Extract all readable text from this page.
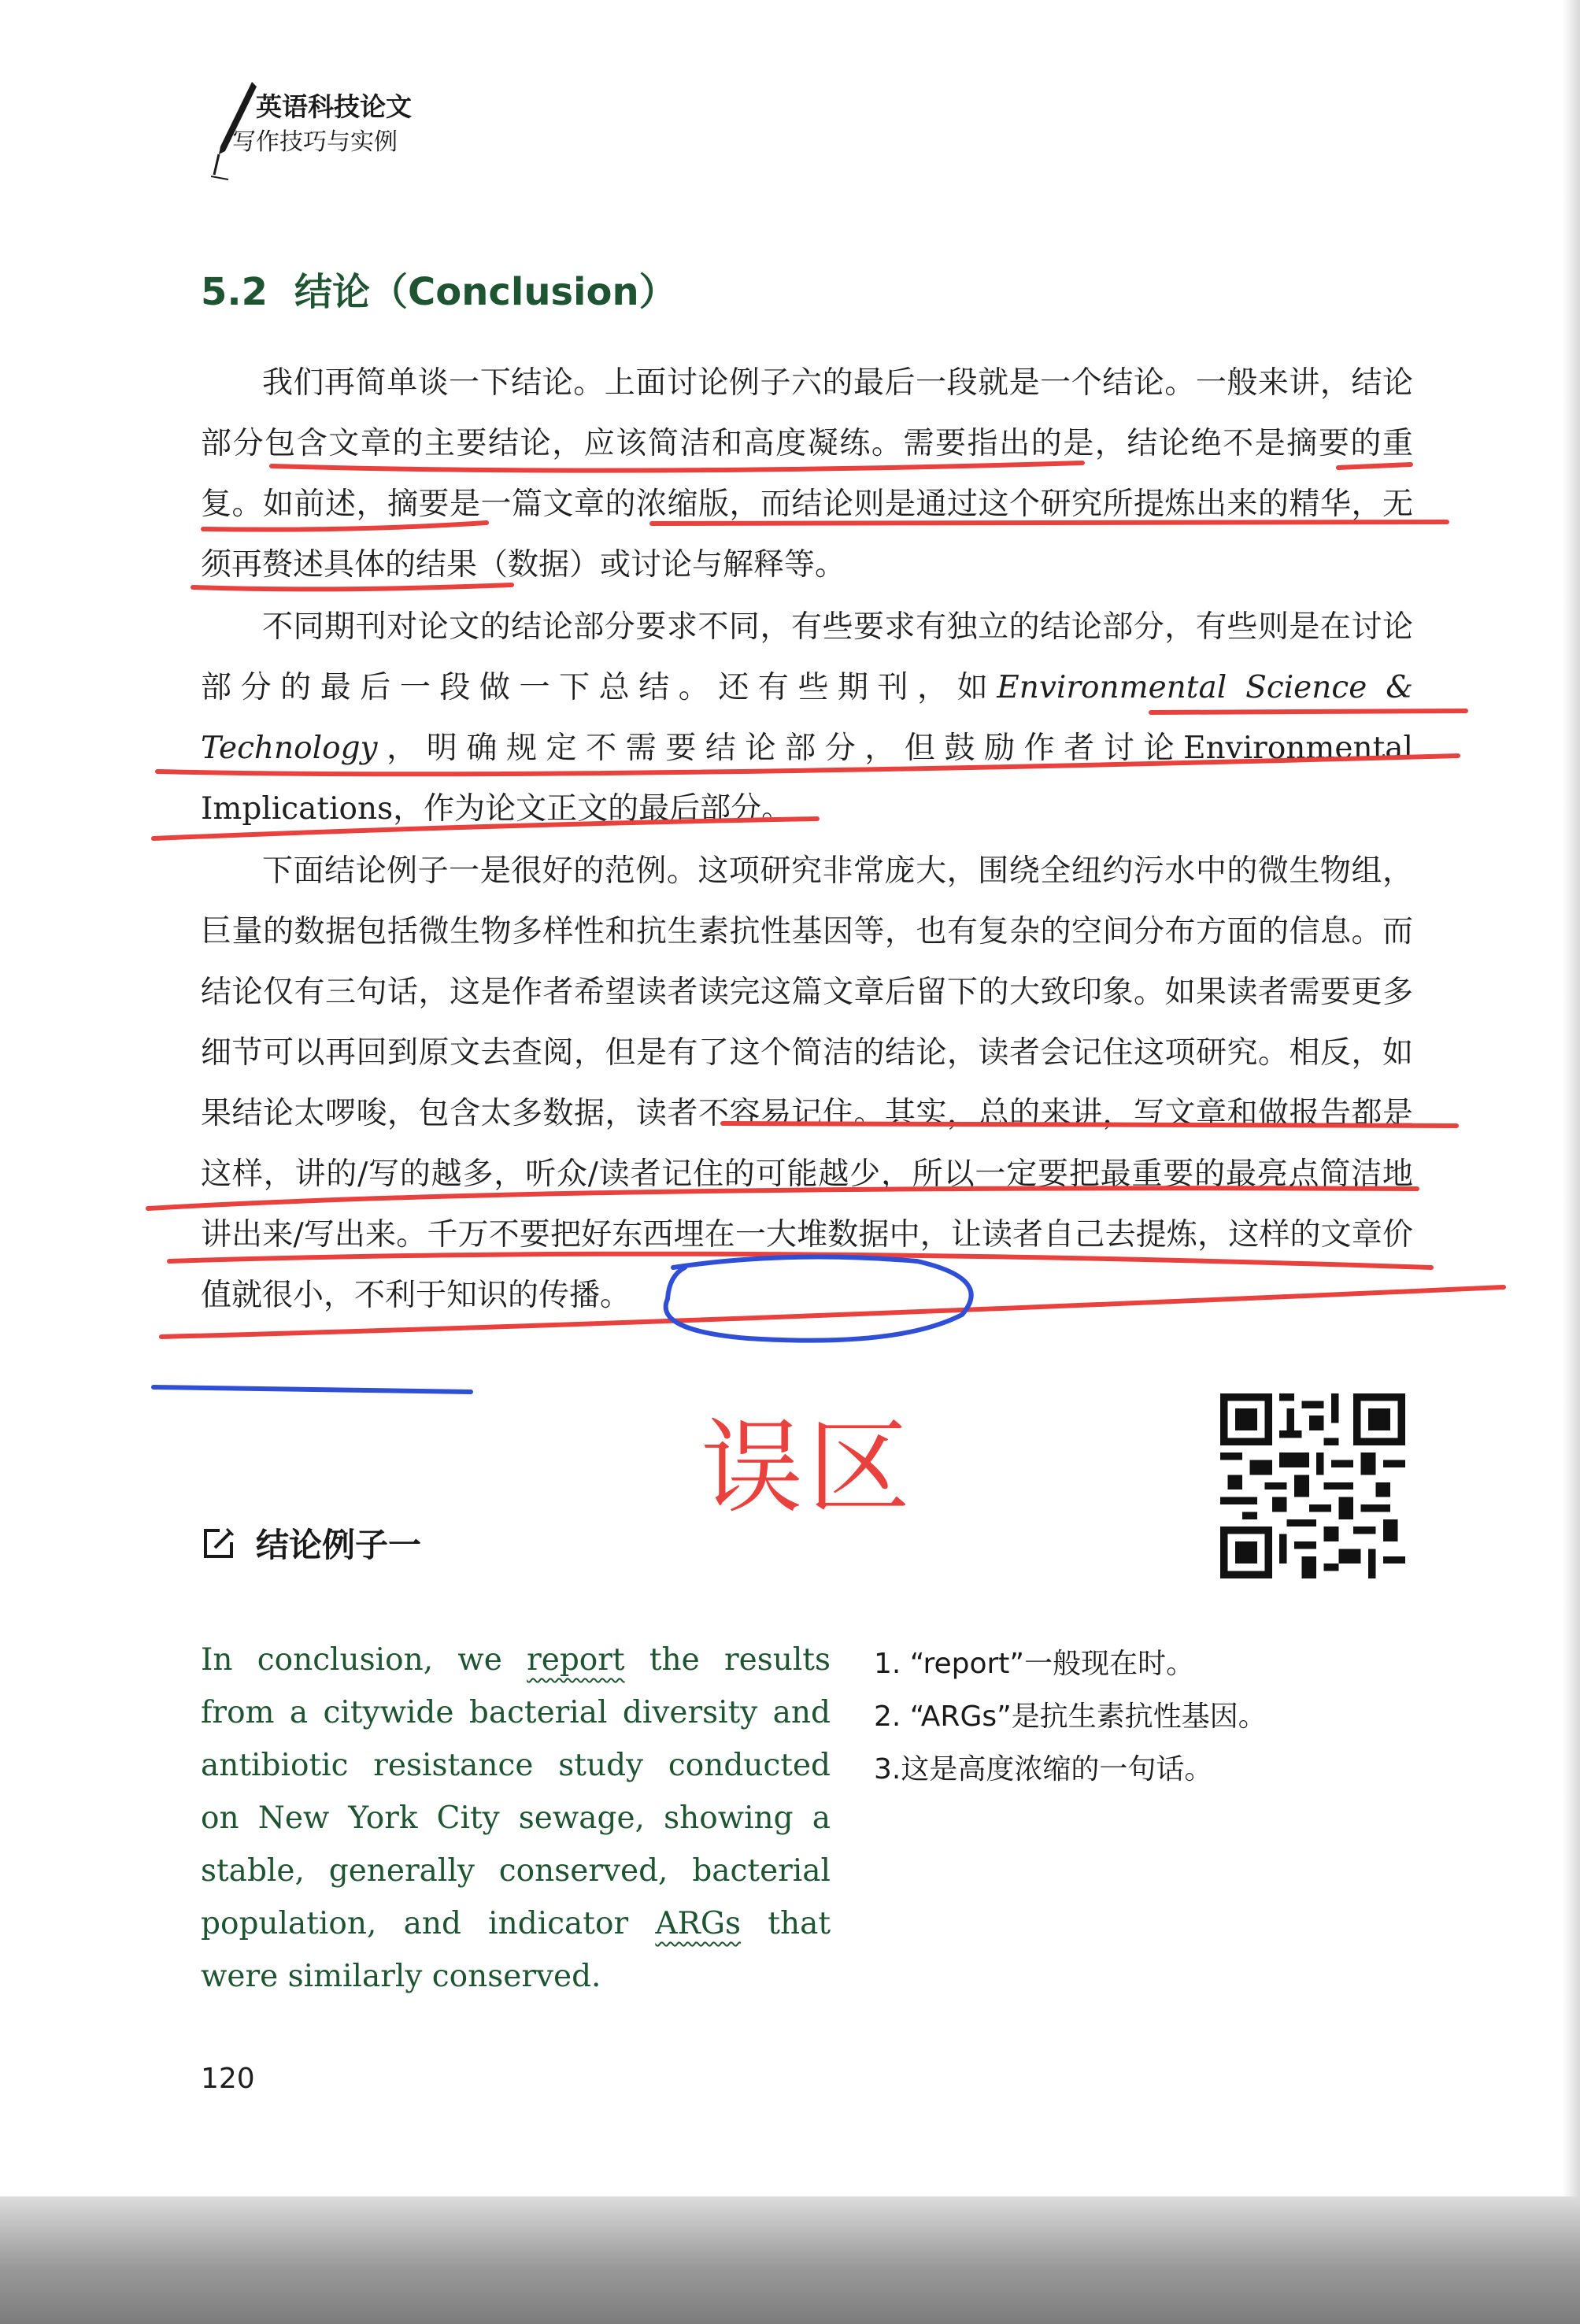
英语科技论文
写作技巧与实例
5.2 结论（Conclusion）

我们再简单谈一下结论。上面讨论例子六的最后一段就是一个结论。一般来讲，结论部分包含文章的主要结论，应该简洁和高度凝练。需要指出的是，结论绝不是摘要的重复。如前述，摘要是一篇文章的浓缩版，而结论则是通过这个研究所提炼出来的精华，无须再赘述具体的结果（数据）或讨论与解释等。

不同期刊对论文的结论部分要求不同，有些要求有独立的结论部分，有些则是在讨论部分的最后一段做一下总结。还有些期刊，如Environmental Science & Technology，明确规定不需要结论部分，但鼓励作者讨论Environmental Implications，作为论文正文的最后部分。

下面结论例子一是很好的范例。这项研究非常庞大，围绕全纽约污水中的微生物组，巨量的数据包括微生物多样性和抗生素抗性基因等，也有复杂的空间分布方面的信息。而结论仅有三句话，这是作者希望读者读完这篇文章后留下的大致印象。如果读者需要更多细节可以再回到原文去查阅，但是有了这个简洁的结论，读者会记住这项研究。相反，如果结论太啰唆，包含太多数据，读者不容易记住。其实，总的来讲，写文章和做报告都是这样，讲的/写的越多，听众/读者记住的可能越少，所以一定要把最重要的最亮点简洁地讲出来/写出来。千万不要把好东西埋在一大堆数据中，让读者自己去提炼，这样的文章价值就很小，不利于知识的传播。

误区
结论例子一

In conclusion, we report the results from a citywide bacterial diversity and antibiotic resistance study conducted on New York City sewage, showing a stable, generally conserved, bacterial population, and indicator ARGs that were similarly conserved.

1. “report”一般现在时。
2. “ARGs”是抗生素抗性基因。
3.这是高度浓缩的一句话。
120
